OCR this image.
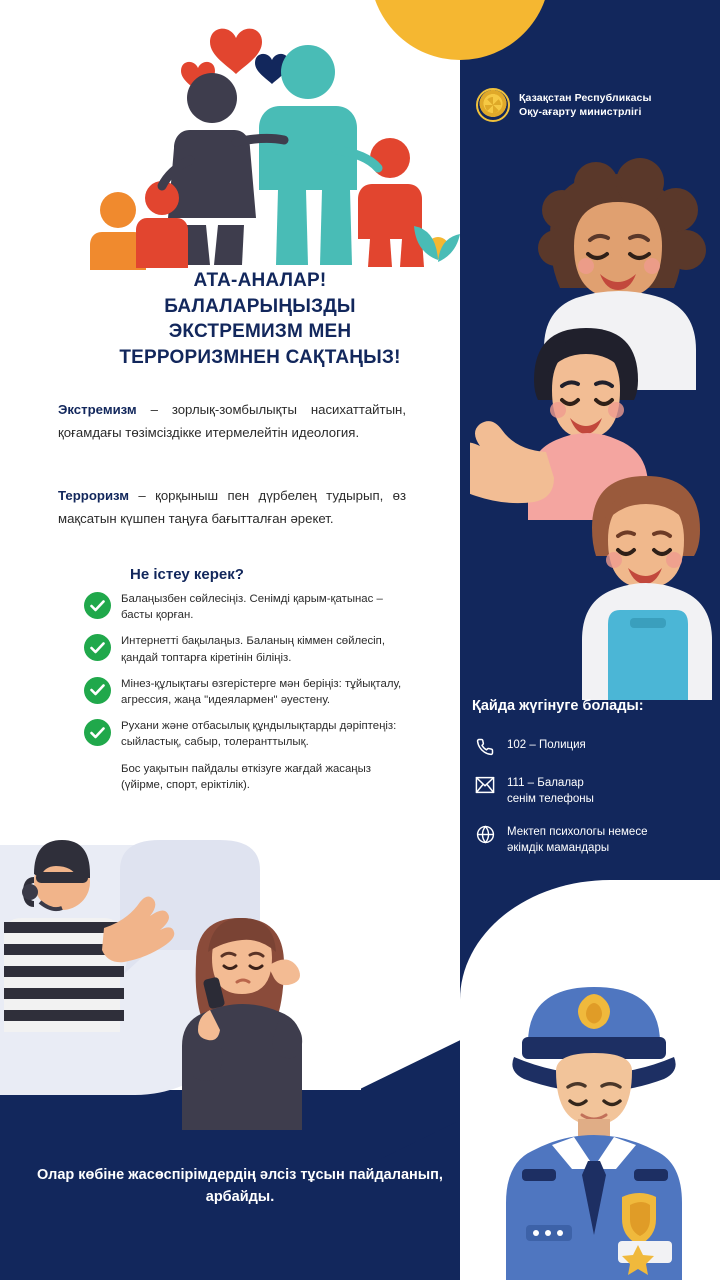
АТА-АНАЛАР!
БАЛАЛАРЫҢЫЗДЫ
ЭКСТРЕМИЗМ МЕН
ТЕРРОРИЗМНЕН САҚТАҢЫЗ!

Экстремизм – зорлық-зомбылықты насихаттайтын, қоғамдағы төзімсіздікке итермелейтін идеология.

Терроризм – қорқыныш пен дүрбелең тудырып, өз мақсатын күшпен таңуға бағытталған әрекет.

Не істеу керек?
Балаңызбен сөйлесіңіз. Сенімді қарым-қатынас – басты қорған.
Интернетті бақылаңыз. Баланың кіммен сөйлесіп, қандай топтарға кіретінін біліңіз.
Мінез-құлықтағы өзгерістерге мән беріңіз: тұйықталу, агрессия, жаңа "идеялармен" әуестену.
Рухани және отбасылық құндылықтарды дәріптеңіз: сыйластық, сабыр, толеранттылық.
Бос уақытын пайдалы өткізуге жағдай жасаңыз (үйірме, спорт, еріктілік).
Олар көбіне жасөспірімдердің әлсіз тұсын пайдаланып, арбайды.
Қазақстан Республикасы
Оқу-ағарту министрлігі
Қайда жүгінуге болады:
102 – Полиция
111 – Балалар
сенім телефоны
Мектеп психологы немесе
әкімдік мамандары
